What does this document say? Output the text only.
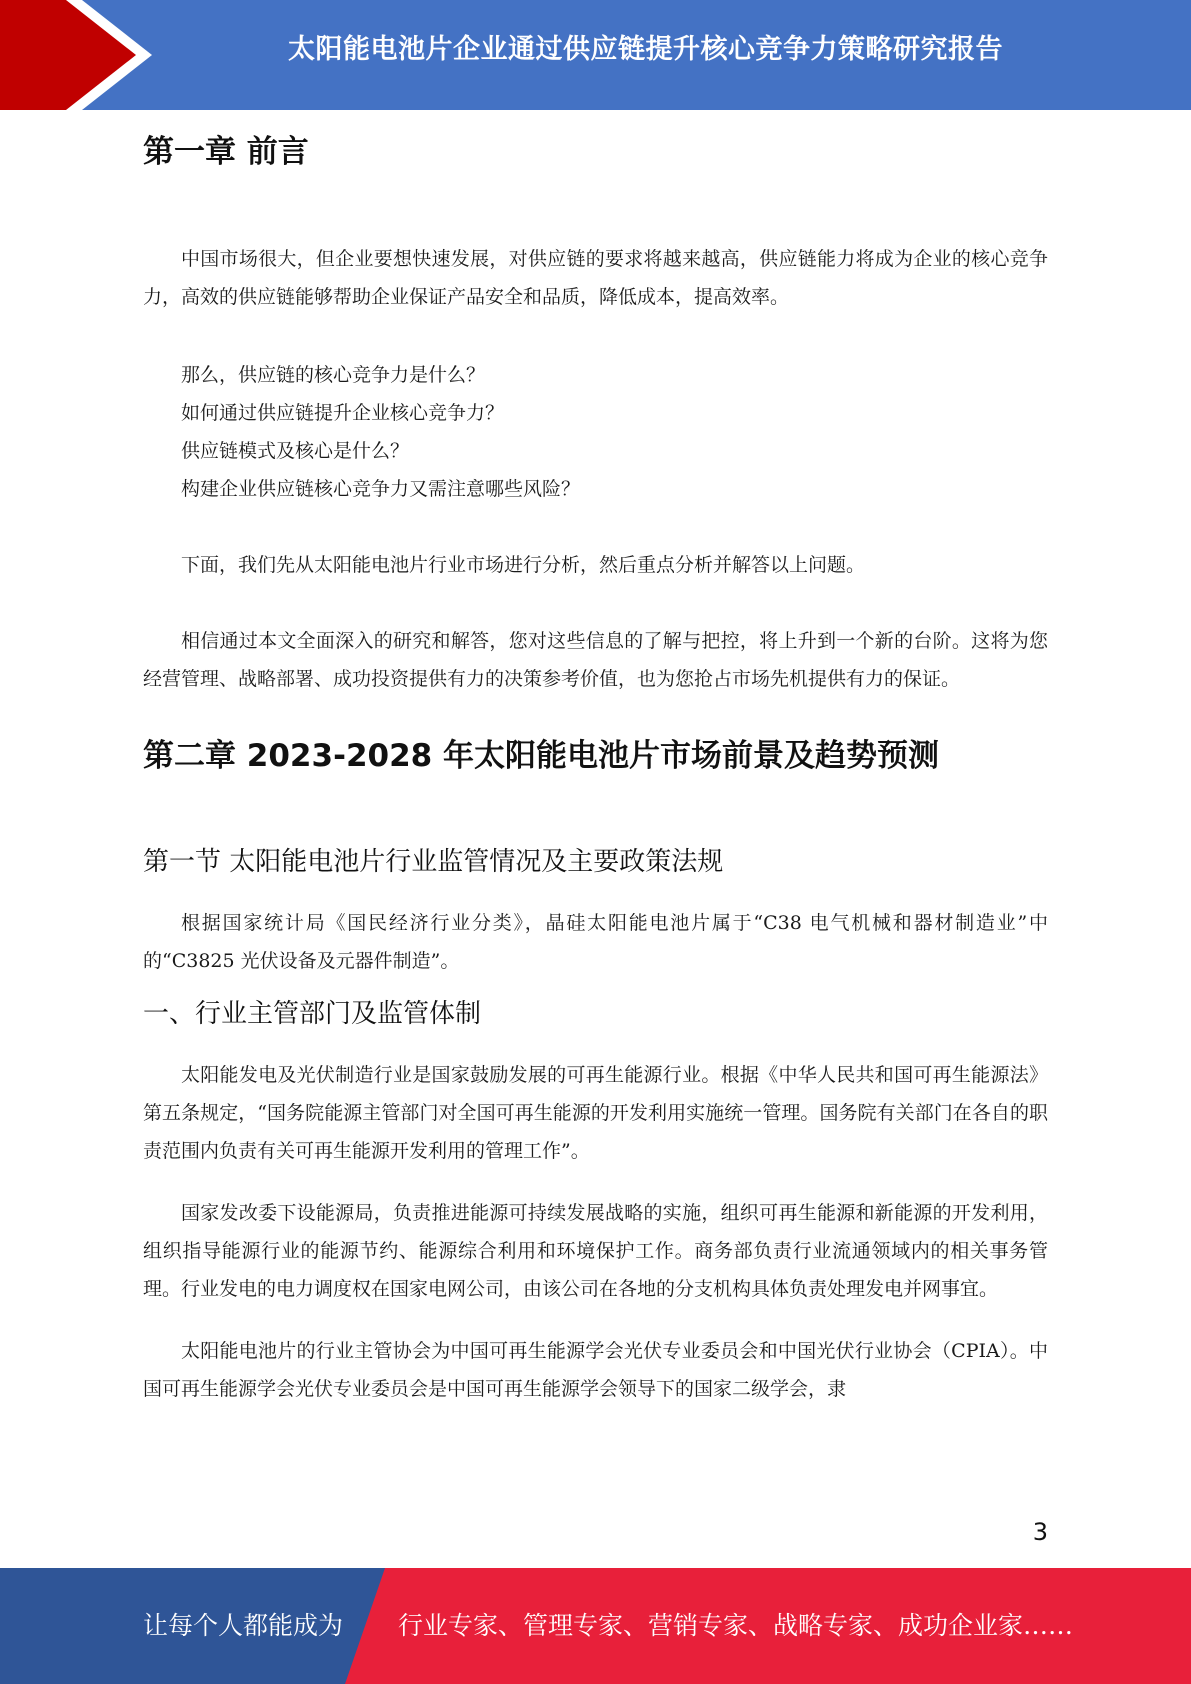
太阳能电池片企业通过供应链提升核心竞争力策略研究报告
第一章 前言

中国市场很大，但企业要想快速发展，对供应链的要求将越来越高，供应链能力将成为企业的核心竞争力，高效的供应链能够帮助企业保证产品安全和品质，降低成本，提高效率。

那么，供应链的核心竞争力是什么？

如何通过供应链提升企业核心竞争力？

供应链模式及核心是什么？

构建企业供应链核心竞争力又需注意哪些风险？

下面，我们先从太阳能电池片行业市场进行分析，然后重点分析并解答以上问题。

相信通过本文全面深入的研究和解答，您对这些信息的了解与把控，将上升到一个新的台阶。这将为您经营管理、战略部署、成功投资提供有力的决策参考价值，也为您抢占市场先机提供有力的保证。

第二章 2023-2028 年太阳能电池片市场前景及趋势预测
第一节 太阳能电池片行业监管情况及主要政策法规

根据国家统计局《国民经济行业分类》，晶硅太阳能电池片属于“C38 电气机械和器材制造业”中的“C3825 光伏设备及元器件制造”。

一、行业主管部门及监管体制

太阳能发电及光伏制造行业是国家鼓励发展的可再生能源行业。根据《中华人民共和国可再生能源法》第五条规定，“国务院能源主管部门对全国可再生能源的开发利用实施统一管理。国务院有关部门在各自的职责范围内负责有关可再生能源开发利用的管理工作”。

国家发改委下设能源局，负责推进能源可持续发展战略的实施，组织可再生能源和新能源的开发利用，组织指导能源行业的能源节约、能源综合利用和环境保护工作。商务部负责行业流通领域内的相关事务管理。行业发电的电力调度权在国家电网公司，由该公司在各地的分支机构具体负责处理发电并网事宜。

太阳能电池片的行业主管协会为中国可再生能源学会光伏专业委员会和中国光伏行业协会（CPIA）。中国可再生能源学会光伏专业委员会是中国可再生能源学会领导下的国家二级学会，隶

3
让每个人都能成为 行业专家、管理专家、营销专家、战略专家、成功企业家……
